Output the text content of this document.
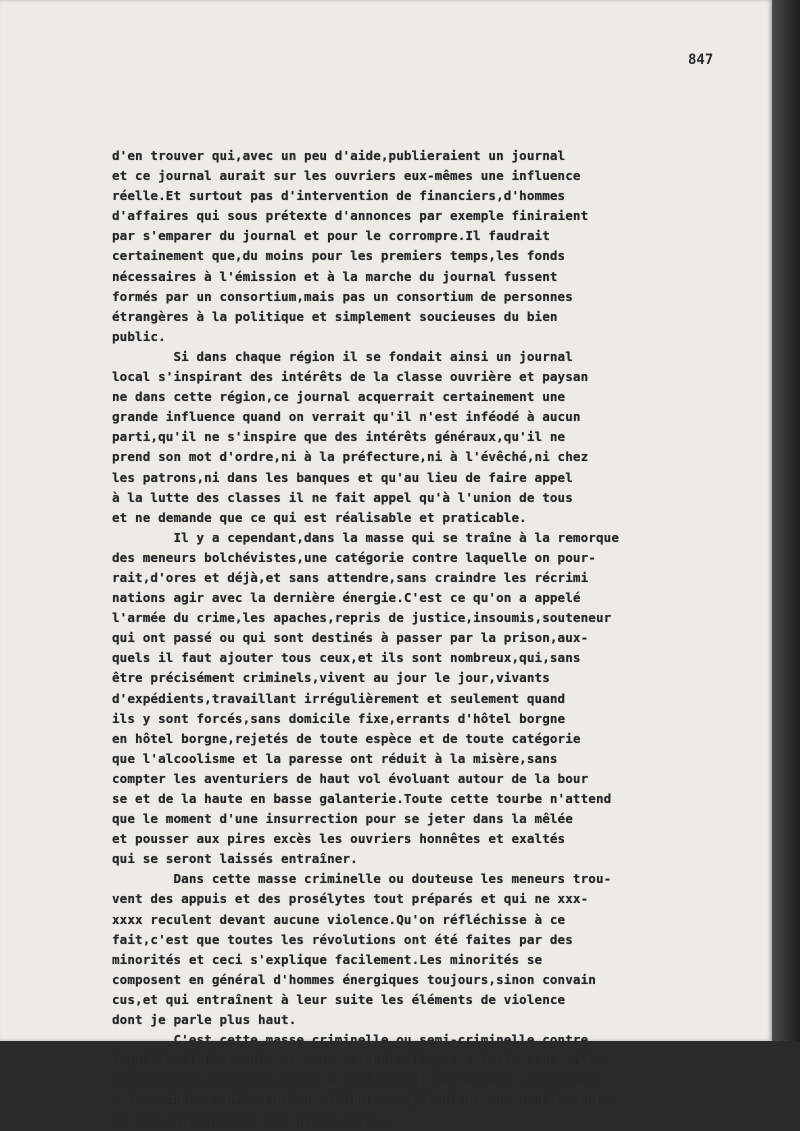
847
d'en trouver qui,avec un peu d'aide,publieraient un journal
et ce journal aurait sur les ouvriers eux-mêmes une influence
réelle.Et surtout pas d'intervention de financiers,d'hommes
d'affaires qui sous prétexte d'annonces par exemple finiraient
par s'emparer du journal et pour le corrompre.Il faudrait
certainement que,du moins pour les premiers temps,les fonds
nécessaires à l'émission et à la marche du journal fussent
formés par un consortium,mais pas un consortium de personnes
étrangères à la politique et simplement soucieuses du bien
public.
Si dans chaque région il se fondait ainsi un journal
local s'inspirant des intérêts de la classe ouvrière et paysan
ne dans cette région,ce journal acquerrait certainement une
grande influence quand on verrait qu'il n'est inféodé à aucun
parti,qu'il ne s'inspire que des intérêts généraux,qu'il ne
prend son mot d'ordre,ni à la préfecture,ni à l'évêché,ni chez
les patrons,ni dans les banques et qu'au lieu de faire appel
à la lutte des classes il ne fait appel qu'à l'union de tous
et ne demande que ce qui est réalisable et praticable.
Il y a cependant,dans la masse qui se traîne à la remorque
des meneurs bolchévistes,une catégorie contre laquelle on pour-
rait,d'ores et déjà,et sans attendre,sans craindre les récrimi
nations agir avec la dernière énergie.C'est ce qu'on a appelé
l'armée du crime,les apaches,repris de justice,insoumis,souteneur
qui ont passé ou qui sont destinés à passer par la prison,aux-
quels il faut ajouter tous ceux,et ils sont nombreux,qui,sans
être précisément criminels,vivent au jour le jour,vivants
d'expédients,travaillant irrégulièrement et seulement quand
ils y sont forcés,sans domicile fixe,errants d'hôtel borgne
en hôtel borgne,rejetés de toute espèce et de toute catégorie
que l'alcoolisme et la paresse ont réduit à la misère,sans
compter les aventuriers de haut vol évoluant autour de la bour
se et de la haute en basse galanterie.Toute cette tourbe n'attend
que le moment d'une insurrection pour se jeter dans la mêlée
et pousser aux pires excès les ouvriers honnêtes et exaltés
qui se seront laissés entraîner.
Dans cette masse criminelle ou douteuse les meneurs trou-
vent des appuis et des prosélytes tout préparés et qui ne xxx-
xxxx reculent devant aucune violence.Qu'on réfléchisse à ce
fait,c'est que toutes les révolutions ont été faites par des
minorités et ceci s'explique facilement.Les minorités se
composent en général d'hommes énergiques toujours,sinon convain
cus,et qui entraînent à leur suite les éléments de violence
dont je parle plus haut.
C'est cette masse criminelle ou semi-criminelle contre
laquelle il faut agir et sans attendre.Il y a à Paris cent mille
hommes,peut-être plus,prêts à tout et qui,au moindre soulèvement
à la moindre manifestation violente se joindront aux manifestants
et les entraîneront aux pires excès.
